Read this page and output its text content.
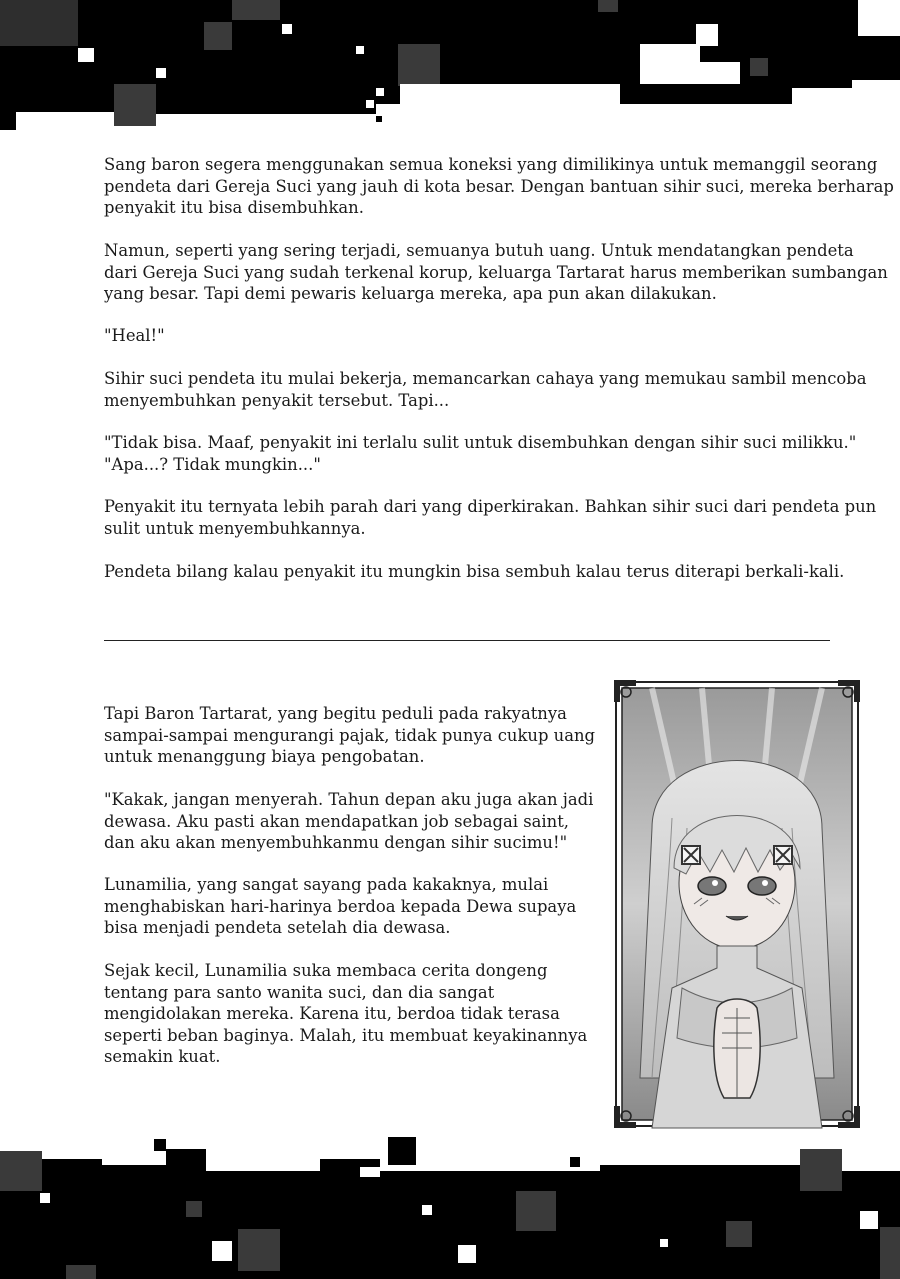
Sang baron segera menggunakan semua koneksi yang dimilikinya untuk memanggil seorang
pendeta dari Gereja Suci yang jauh di kota besar. Dengan bantuan sihir suci, mereka berharap
penyakit itu bisa disembuhkan.

Namun, seperti yang sering terjadi, semuanya butuh uang. Untuk mendatangkan pendeta
dari Gereja Suci yang sudah terkenal korup, keluarga Tartarat harus memberikan sumbangan
yang besar. Tapi demi pewaris keluarga mereka, apa pun akan dilakukan.

"Heal!"

Sihir suci pendeta itu mulai bekerja, memancarkan cahaya yang memukau sambil mencoba
menyembuhkan penyakit tersebut. Tapi...

"Tidak bisa. Maaf, penyakit ini terlalu sulit untuk disembuhkan dengan sihir suci milikku."
"Apa...? Tidak mungkin..."

Penyakit itu ternyata lebih parah dari yang diperkirakan. Bahkan sihir suci dari pendeta pun
sulit untuk menyembuhkannya.

Pendeta bilang kalau penyakit itu mungkin bisa sembuh kalau terus diterapi berkali-kali.

Tapi Baron Tartarat, yang begitu peduli pada rakyatnya
sampai-sampai mengurangi pajak, tidak punya cukup uang
untuk menanggung biaya pengobatan.

"Kakak, jangan menyerah. Tahun depan aku juga akan jadi
dewasa. Aku pasti akan mendapatkan job sebagai saint,
dan aku akan menyembuhkanmu dengan sihir sucimu!"

Lunamilia, yang sangat sayang pada kakaknya, mulai
menghabiskan hari-harinya berdoa kepada Dewa supaya
bisa menjadi pendeta setelah dia dewasa.

Sejak kecil, Lunamilia suka membaca cerita dongeng
tentang para santo wanita suci, dan dia sangat
mengidolakan mereka. Karena itu, berdoa tidak terasa
seperti beban baginya. Malah, itu membuat keyakinannya
semakin kuat.
